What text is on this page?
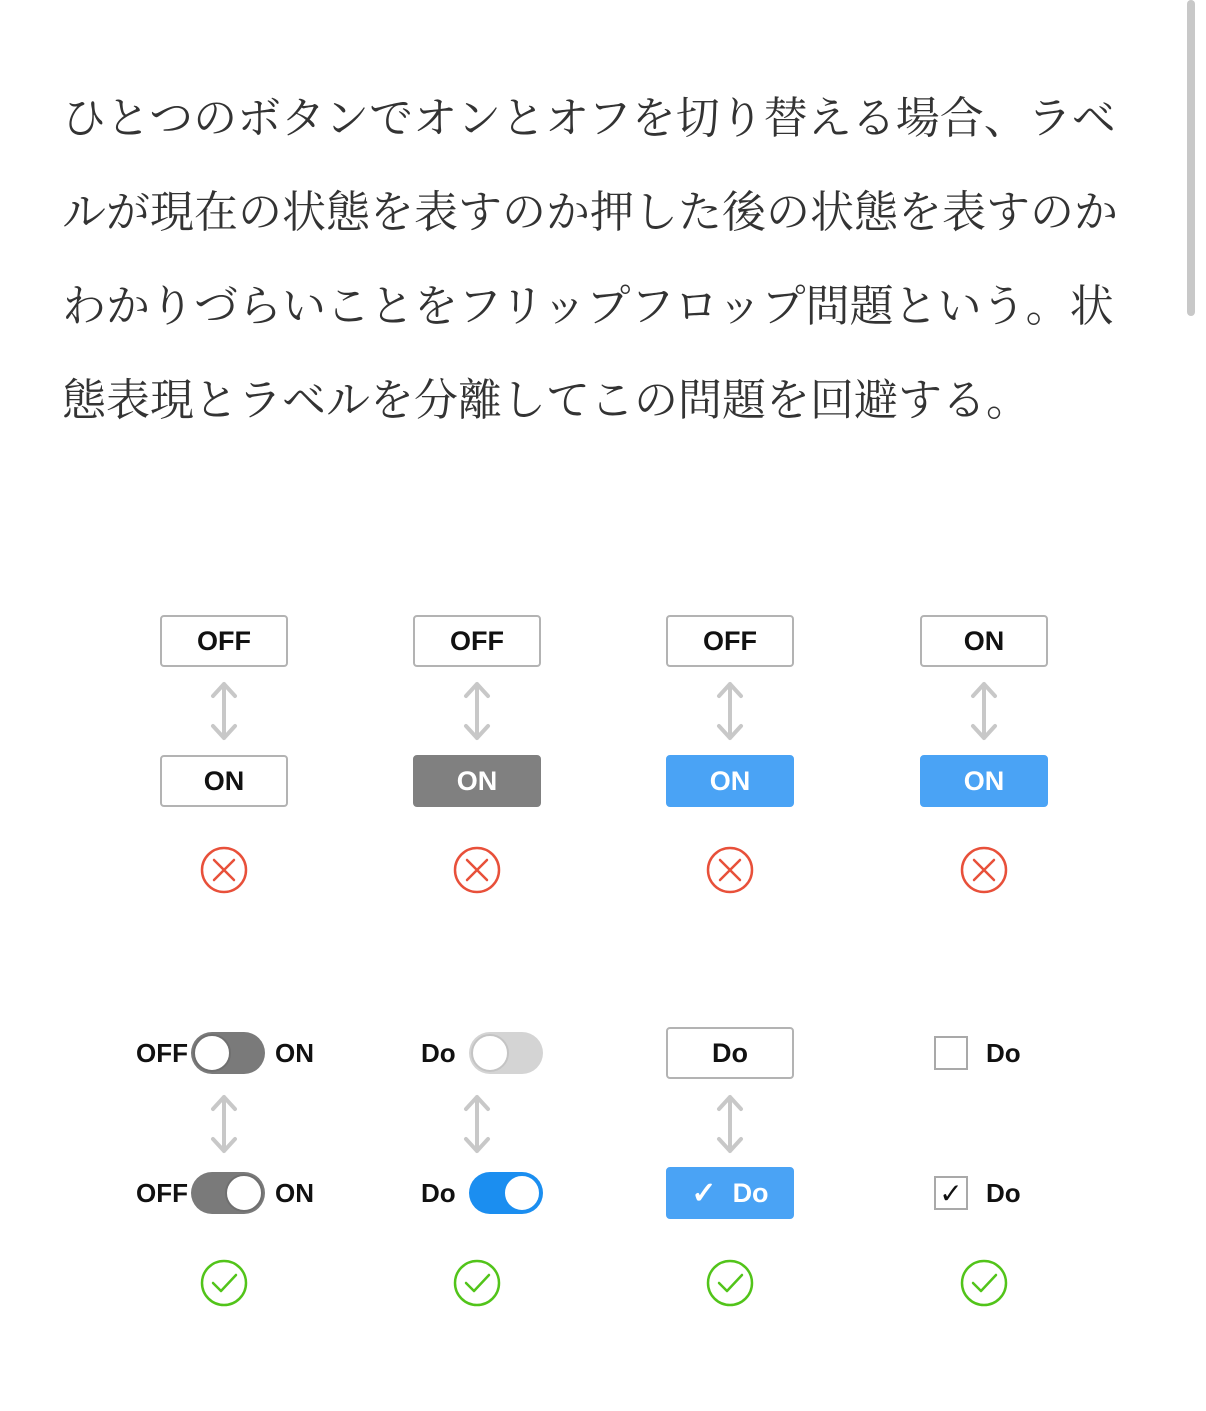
ひとつのボタンでオンとオフを切り替える場合、ラベ
ルが現在の状態を表すのか押した後の状態を表すのか
わかりづらいことをフリップフロップ問題という。状
態表現とラベルを分離してこの問題を回避する。
OFF
ON
OFF
ON
OFF
ON
ON
ON
OFF	ON
OFF	ON
Do
Do
Do
✓ Do
Do
✓ Do
